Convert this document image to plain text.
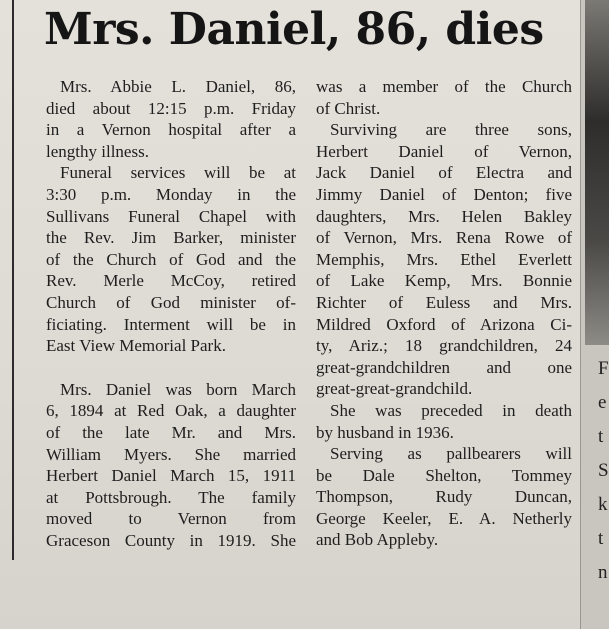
Mrs. Daniel, 86, dies
Mrs. Abbie L. Daniel, 86,
died about 12:15 p.m. Friday
in a Vernon hospital after a
lengthy illness.
Funeral services will be at
3:30 p.m. Monday in the
Sullivans Funeral Chapel with
the Rev. Jim Barker, minister
of the Church of God and the
Rev. Merle McCoy, retired
Church of God minister of-
ficiating. Interment will be in
East View Memorial Park.
Mrs. Daniel was born March
6, 1894 at Red Oak, a daughter
of the late Mr. and Mrs.
William Myers. She married
Herbert Daniel March 15, 1911
at Pottsbrough. The family
moved to Vernon from
Graceson County in 1919. She
was a member of the Church
of Christ.
Surviving are three sons,
Herbert Daniel of Vernon,
Jack Daniel of Electra and
Jimmy Daniel of Denton; five
daughters, Mrs. Helen Bakley
of Vernon, Mrs. Rena Rowe of
Memphis, Mrs. Ethel Everlett
of Lake Kemp, Mrs. Bonnie
Richter of Euless and Mrs.
Mildred Oxford of Arizona Ci-
ty, Ariz.; 18 grandchildren, 24
great-grandchildren and one
great-great-grandchild.
She was preceded in death
by husband in 1936.
Serving as pallbearers will
be Dale Shelton, Tommey
Thompson, Rudy Duncan,
George Keeler, E. A. Netherly
and Bob Appleby.
F
e
t
S
k
t
n
